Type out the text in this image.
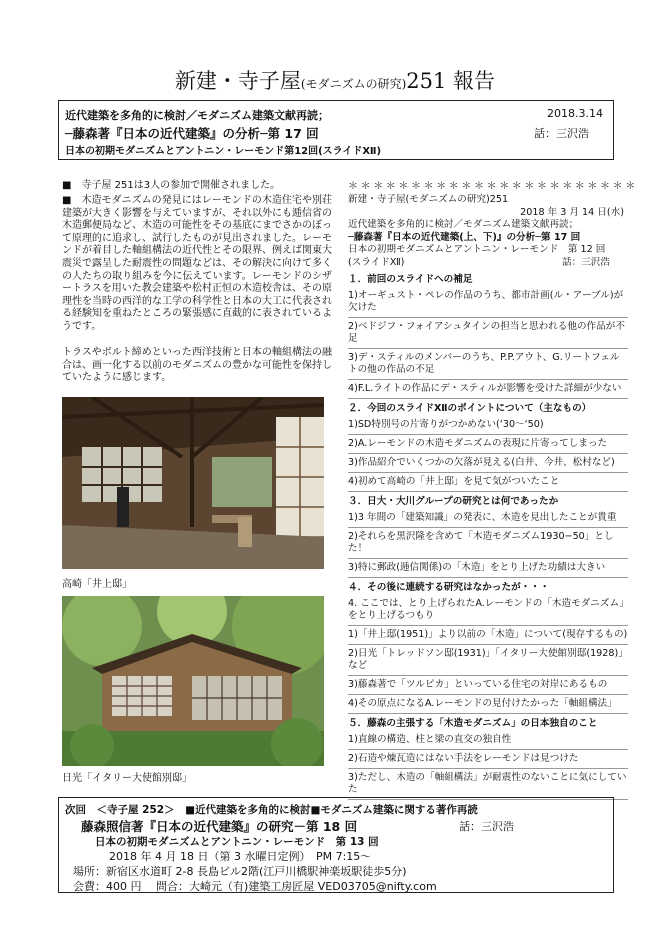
新建・寺子屋(モダニズムの研究)251 報告
近代建築を多角的に検討／モダニズム建築文献再読；	2018.3.14
─藤森著『日本の近代建築』の分析─第 17 回	話：三沢浩
日本の初期モダニズムとアントニン・レーモンド第12回(スライドⅫ)
■　寺子屋 251は3人の参加で開催されました。
■　木造モダニズムの発見にはレーモンドの木造住宅や別荘建築が大きく影響を与えていますが、それ以外にも逓信省の木造郵便局など、木造の可能性をその基底にまでさかのぼって原理的に追求し、試行したものが見出されました。レーモンドが着目した軸組構法の近代性とその限界、例えば関東大震災で露呈した耐震性の問題などは、その解決に向けて多くの人たちの取り組みを今に伝えています。レーモンドのシザートラスを用いた教会建築や松村正恒の木造校舎は、その原理性を当時の西洋的な工学の科学性と日本の大工に代表される経験知を重ねたところの緊張感に直截的に表されているようです。
トラスやボルト締めといった西洋技術と日本の軸組構法の融合は、画一化する以前のモダニズムの豊かな可能性を保持していたように感じます。
高崎「井上邸」
日光「イタリー大使館別邸」
＊＊＊＊＊＊＊＊＊＊＊＊＊＊＊＊＊＊＊＊＊＊＊
新建・寺子屋(モダニズムの研究)251
2018 年 3 月 14 日(水)
近代建築を多角的に検討／モダニズム建築文献再読；
─藤森著『日本の近代建築(上、下)』の分析─第 17 回
日本の初期モダニズムとアントニン・レーモンド　第 12 回
(スライドⅫ)	話：三沢浩
１．前回のスライドへの補足
1)オーギュスト・ペレの作品のうち、都市計画(ル・アーブル)が欠けた
2)ベドジフ・フォイアシュタインの担当と思われる他の作品が不足
3)デ・スティルのメンバーのうち、P.P.アウト、G.リートフェルトの他の作品の不足
4)F.L.ライトの作品にデ・スティルが影響を受けた詳細が少ない
２．今回のスライドⅫのポイントについて（主なもの）
1)SD特別号の片寄りがつかめない(‘30～‘50)
2)A.レーモンドの木造モダニズムの表現に片寄ってしまった
3)作品紹介でいくつかの欠落が見える(白井、今井、松村など)
4)初めて高崎の「井上邸」を見て気がついたこと
３．日大・大川グループの研究とは何であったか
1)3 年間の「建築知識」の発表に、木造を見出したことが貴重
2)それらを黒沢隆を含めて「木造モダニズム1930−50」とした！
3)特に郵政(逓信関係)の「木造」をとり上げた功績は大きい
４．その後に連続する研究はなかったが・・・
4. ここでは、とり上げられたA.レーモンドの「木造モダニズム」をとり上げるつもり
1)「井上邸(1951)」より以前の「木造」について(現存するもの)
2)日光「トレッドソン邸(1931)」「イタリー大使館別邸(1928)」など
3)藤森著で「ツルピカ」といっている住宅の対岸にあるもの
4)その原点になるA.レーモンドの見付けたかった「軸組構法」
５．藤森の主張する「木造モダニズム」の日本独自のこと
1)直線の構造、柱と梁の直交の独自性
2)石造や煉瓦造にはない手法をレーモンドは見つけた
3)ただし、木造の「軸組構法」が耐震性のないことに気にしていた
次回　＜寺子屋 252＞　■近代建築を多角的に検討■モダニズム建築に関する著作再読
藤森照信著『日本の近代建築』の研究－第 18 回	話：三沢浩
日本の初期モダニズムとアントニン・レーモンド　第 13 回
2018 年 4 月 18 日（第 3 水曜日定例）　PM 7:15～
場所：新宿区水道町 2-8 長島ビル2階(江戸川橋駅神楽坂駅徒歩5分)
会費：400 円　 問合：大崎元（有)建築工房匠屋 VED03705@nifty.com
